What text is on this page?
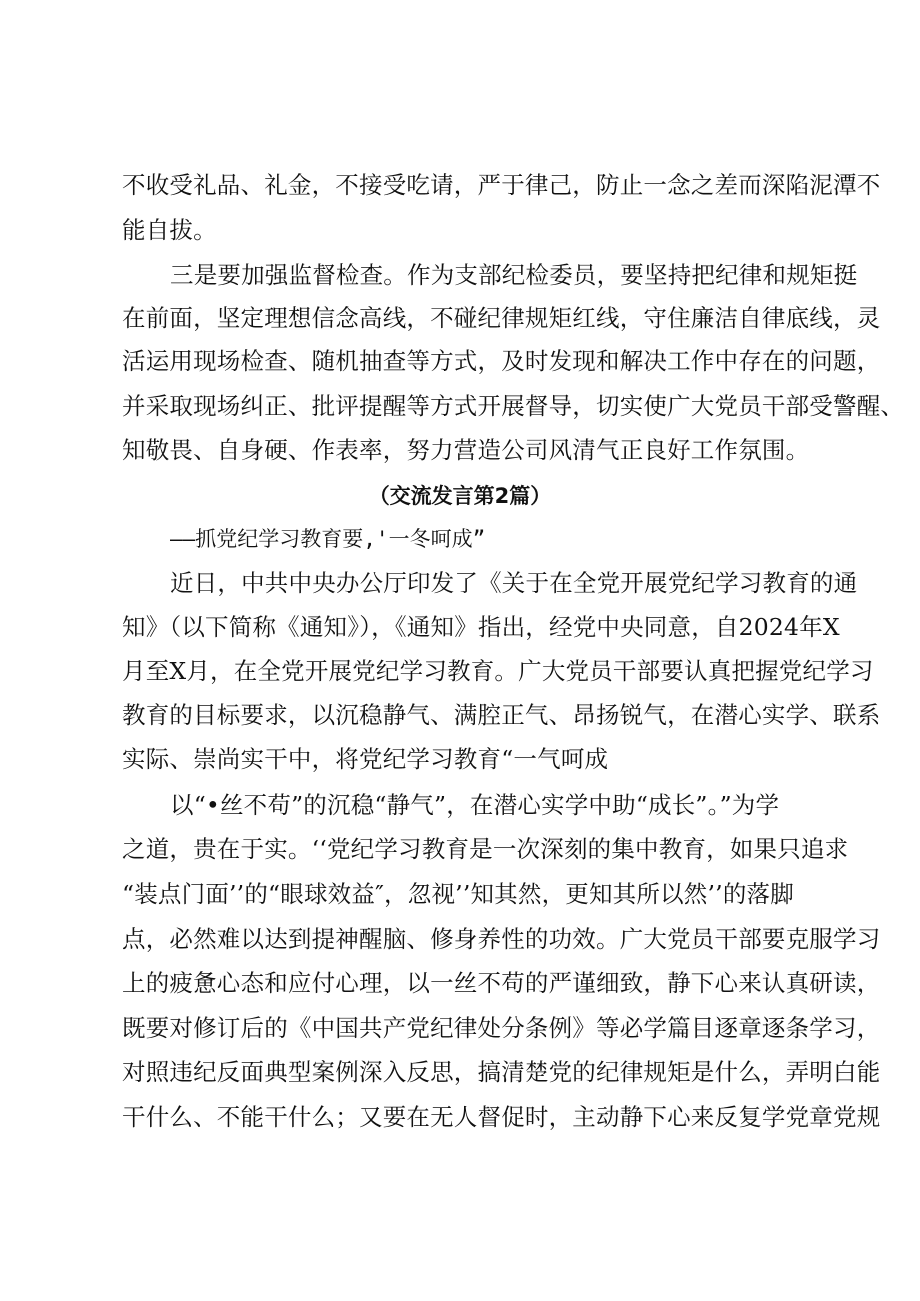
不收受礼品、礼金，不接受吃请，严于律己，防止一念之差而深陷泥潭不
能自拔。
三是要加强监督检查。作为支部纪检委员，要坚持把纪律和规矩挺
在前面，坚定理想信念高线，不碰纪律规矩红线，守住廉洁自律底线，灵
活运用现场检查、随机抽查等方式，及时发现和解决工作中存在的问题，
并采取现场纠正、批评提醒等方式开展督导，切实使广大党员干部受警醒、
知敬畏、自身硬、作表率，努力营造公司风清气正良好工作氛围。
（交流发言第2篇）
——抓党纪学习教育要,'一冬呵成”
近日，中共中央办公厅印发了《关于在全党开展党纪学习教育的通
知》（以下简称《通知》），《通知》指出，经党中央同意，自2024年X
月至X月，在全党开展党纪学习教育。广大党员干部要认真把握党纪学习
教育的目标要求，以沉稳静气、满腔正气、昂扬锐气，在潜心实学、联系
实际、崇尚实干中，将党纪学习教育“一气呵成
以“•丝不苟”的沉稳“静气”，在潜心实学中助“成长”。”为学
之道，贵在于实。‘‘党纪学习教育是一次深刻的集中教育，如果只追求
“装点门面’’的“眼球效益″，忽视’’知其然，更知其所以然’’的落脚
点，必然难以达到提神醒脑、修身养性的功效。广大党员干部要克服学习
上的疲惫心态和应付心理，以一丝不苟的严谨细致，静下心来认真研读，
既要对修订后的《中国共产党纪律处分条例》等必学篇目逐章逐条学习，
对照违纪反面典型案例深入反思，搞清楚党的纪律规矩是什么，弄明白能
干什么、不能干什么；又要在无人督促时，主动静下心来反复学党章党规
